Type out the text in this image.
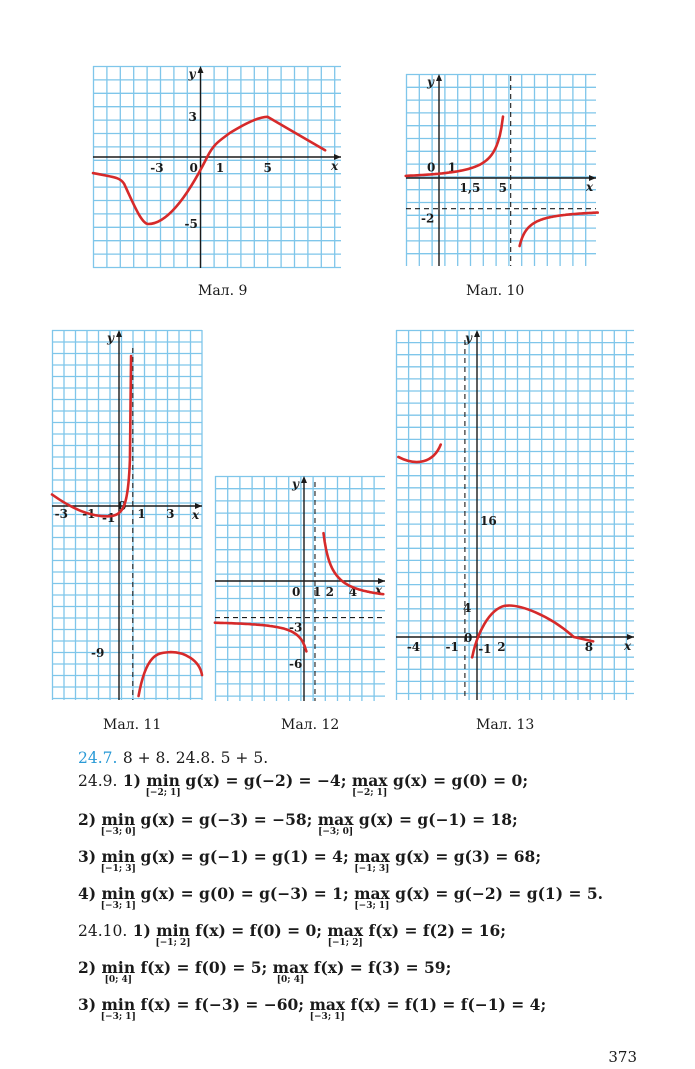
y
x
-3 0 1	5
3
-5
Мал. 9
y
x
0 1
1,5 5
-2
Мал. 10
y
x
-3 -1
0
1 3
-1
-9
Мал. 11
y
x
0 1 2 4
-3
-6
Мал. 12
y
x
16
4
-4 -1
0
-1 2	8
Мал. 13
24.7. 8 + 8. 24.8. 5 + 5.
24.9. 1) min
[−2; 1]
g(x) = g(−2) = −4; max
[−2; 1]
g(x) = g(0) = 0;
2) min
[−3; 0]
g(x) = g(−3) = −58; max
[−3; 0]
g(x) = g(−1) = 18;
3) min
[−1; 3]
g(x) = g(−1) = g(1) = 4; max
[−1; 3]
g(x) = g(3) = 68;
4) min
[−3; 1]
g(x) = g(0) = g(−3) = 1; max
[−3; 1]
g(x) = g(−2) = g(1) = 5.
24.10. 1) min
[−1; 2]
f(x) = f(0) = 0; max
[−1; 2]
f(x) = f(2) = 16;
2) min
[0; 4]
f(x) = f(0) = 5; max
[0; 4]
f(x) = f(3) = 59;
3) min
[−3; 1]
f(x) = f(−3) = −60; max
[−3; 1]
f(x) = f(1) = f(−1) = 4;
373
